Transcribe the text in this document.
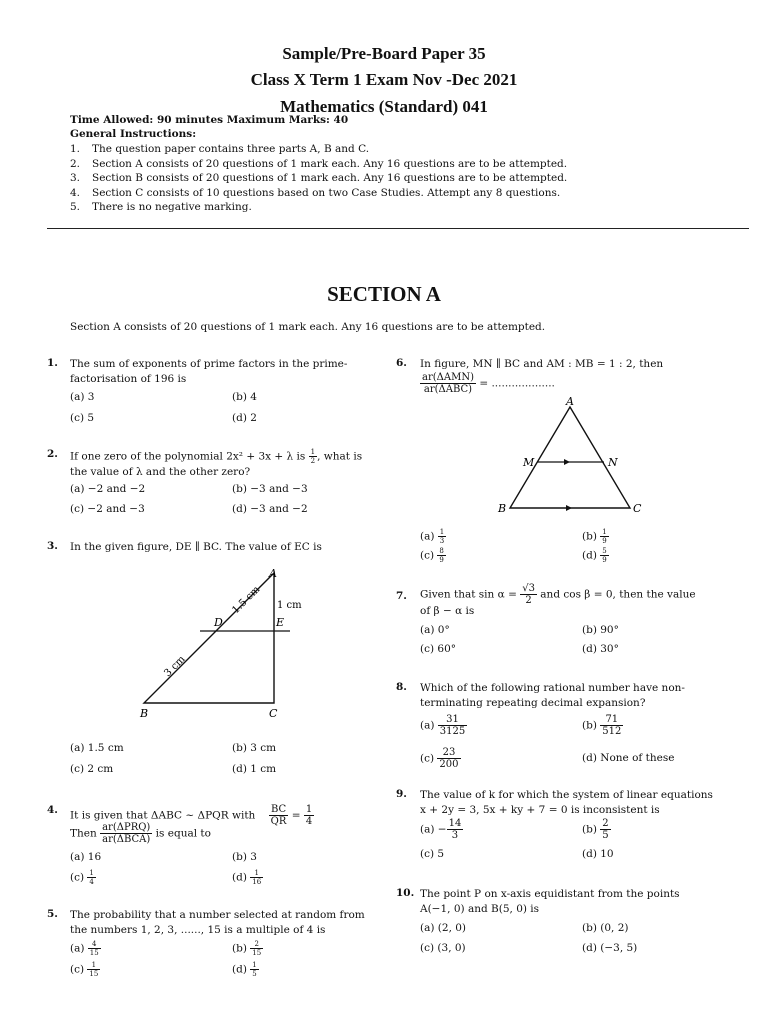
Sample/Pre-Board Paper 35
Class X Term 1 Exam Nov -Dec 2021
Mathematics (Standard) 041
Time Allowed: 90 minutes Maximum Marks: 40
General Instructions:
1. The question paper contains three parts A, B and C.
2. Section A consists of 20 questions of 1 mark each. Any 16 questions are to be attempted.
3. Section B consists of 20 questions of 1 mark each. Any 16 questions are to be attempted.
4. Section C consists of 10 questions based on two Case Studies. Attempt any 8 questions.
5. There is no negative marking.
SECTION A
Section A consists of 20 questions of 1 mark each. Any 16 questions are to be attempted.
1. The sum of exponents of prime factors in the prime-factorisation of 196 is
(a) 3	(b) 4
(c) 5	(d) 2
2. If one zero of the polynomial 2x² + 3x + λ is $\frac{1}{2}$ , what is the value of λ and the other zero?
(a) −2 and −2	(b) −3 and −3
(c) −2 and −3	(d) −3 and −2
3. In the given figure, DE ∥ BC. The value of EC is
A
B	C
D	E
1 cm
1.5 cm
3 cm
(a) 1.5 cm	(b) 3 cm
(c) 2 cm	(d) 1 cm
4. It is given that ΔABC ~ ΔPQR with $\frac{BC}{QR} = \frac{1}{4}$
Then $\frac{\text{ar(ΔPRQ)}}{\text{ar(ΔBCA)}}$ is equal to
(a) 16	(b) 3
$(c) \frac{1}{4}$	$(d) \frac{1}{16}$
5. The probability that a number selected at random from the numbers 1, 2, 3, ......, 15 is a multiple of 4 is
$(a) \frac{4}{15}$	$(b) \frac{2}{15}$
$(c) \frac{1}{15}$	$(d) \frac{1}{5}$
6. In figure, MN ∥ BC and AM : MB = 1 : 2, then
$\frac{\text{ar(ΔAMN)}}{\text{ar(ΔABC)}}$ = ...................
A
M	N
B	C
$(a) \frac{1}{3}$	$(b) \frac{1}{9}$
$(c) \frac{8}{9}$	$(d) \frac{5}{9}$
7. Given that $\sin \alpha = \frac{√3}{2}$ and cos β = 0, then the value
of β − α is
(a) 0°	(b) 90°
(c) 60°	(d) 30°
8. Which of the following rational number have non-terminating repeating decimal expansion?
$(a) \frac{31}{3125}$	$(b) \frac{71}{512}$
$(c) \frac{23}{200}$	(d) None of these
9. The value of k for which the system of linear equations
x + 2y = 3, 5x + ky + 7 = 0 is inconsistent is
$(a) - \frac{14}{3}$	$(b) \frac{2}{5}$
(c) 5	(d) 10
10. The point P on x-axis equidistant from the points
A(−1, 0) and B(5, 0) is
(a) (2, 0)	(b) (0, 2)
(c) (3, 0)	(d) (−3, 5)
